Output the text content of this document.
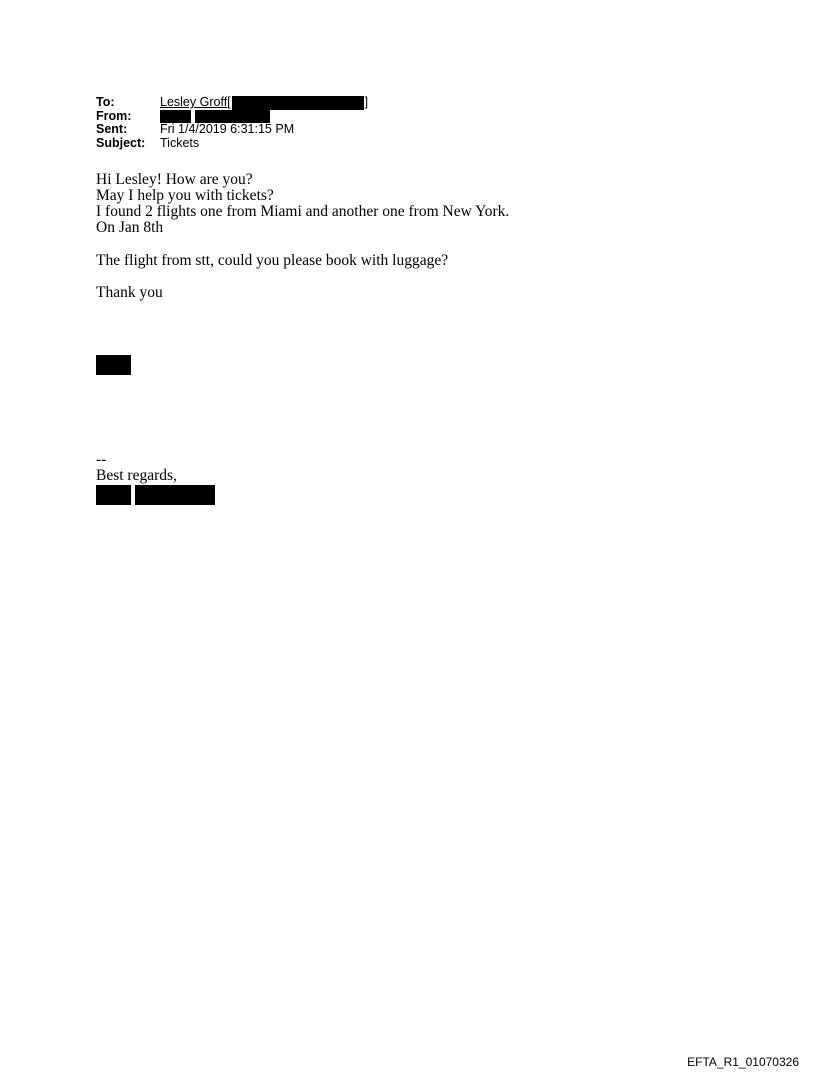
To:	Lesley Groff [	]
From:
Sent:	Fri 1/4/2019 6:31:15 PM
Subject:	Tickets

Hi Lesley! How are you?

May I help you with tickets?

I found 2 flights one from Miami and another one from New York.

On Jan 8th

The flight from stt, could you please book with luggage?

Thank you

--

Best regards,

EFTA_R1_01070326
